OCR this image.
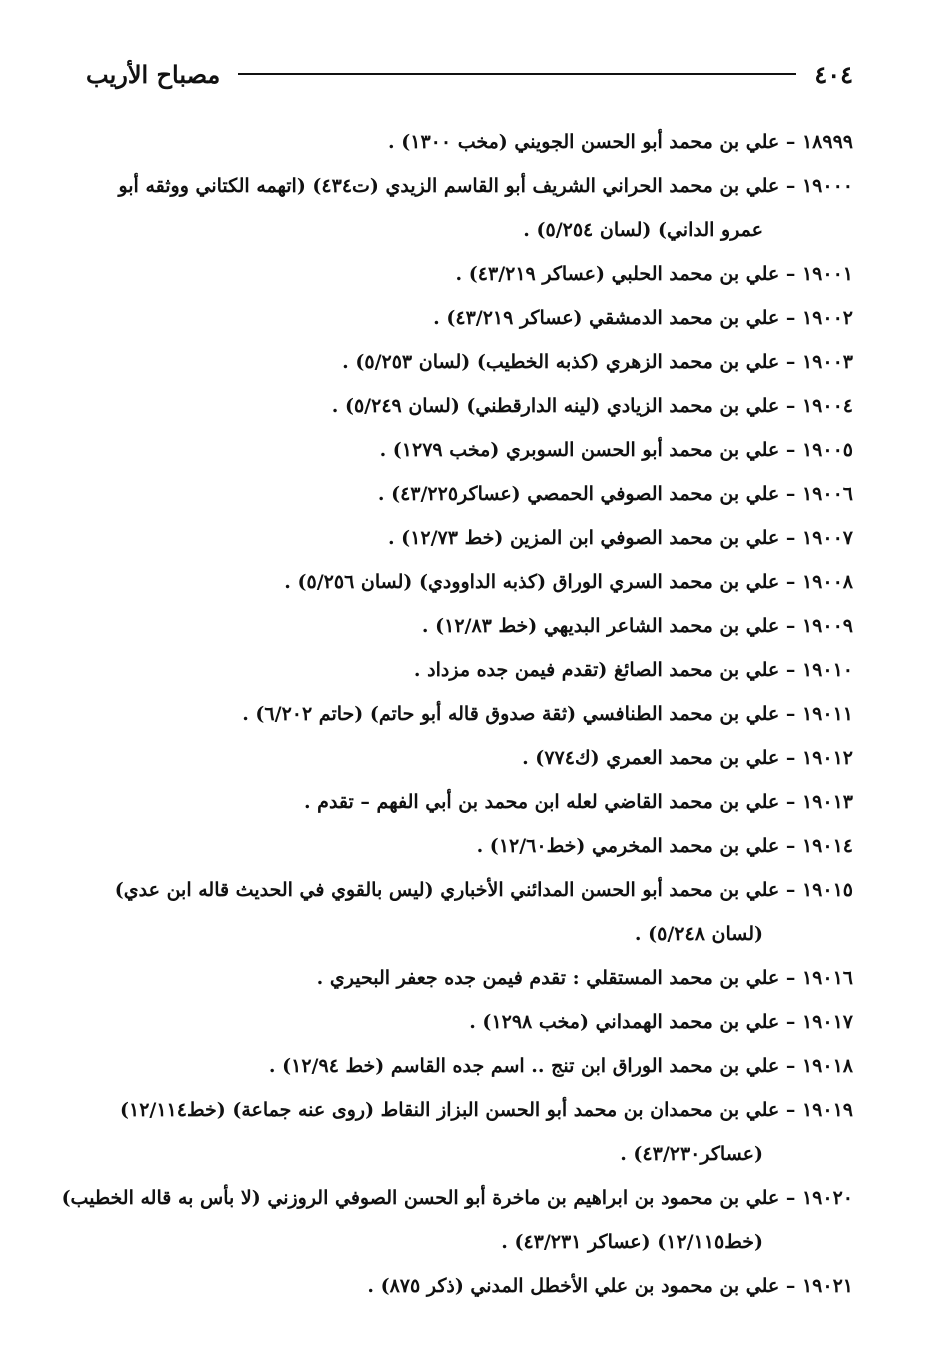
٤٠٤
مصباح الأريب
١٨٩٩٩ – علي بن محمد أبو الحسن الجويني (مخب ١٣٠٠) .
١٩٠٠٠ – علي بن محمد الحراني الشريف أبو القاسم الزيدي (ت٤٣٤) (اتهمه الكتاني ووثقه أبو
عمرو الداني) (لسان ٥/٢٥٤) .
١٩٠٠١ – علي بن محمد الحلبي (عساكر ٤٣/٢١٩) .
١٩٠٠٢ – علي بن محمد الدمشقي (عساكر ٤٣/٢١٩) .
١٩٠٠٣ – علي بن محمد الزهري (كذبه الخطيب) (لسان ٥/٢٥٣) .
١٩٠٠٤ – علي بن محمد الزيادي (لينه الدارقطني) (لسان ٥/٢٤٩) .
١٩٠٠٥ – علي بن محمد أبو الحسن السوبري (مخب ١٢٧٩) .
١٩٠٠٦ – علي بن محمد الصوفي الحمصي (عساكر٤٣/٢٢٥) .
١٩٠٠٧ – علي بن محمد الصوفي ابن المزين (خط ١٢/٧٣) .
١٩٠٠٨ – علي بن محمد السري الوراق (كذبه الداوودي) (لسان ٥/٢٥٦) .
١٩٠٠٩ – علي بن محمد الشاعر البديهي (خط ١٢/٨٣) .
١٩٠١٠ – علي بن محمد الصائغ (تقدم فيمن جده مزداد .
١٩٠١١ – علي بن محمد الطنافسي (ثقة صدوق قاله أبو حاتم) (حاتم ٦/٢٠٢) .
١٩٠١٢ – علي بن محمد العمري (ك٧٧٤) .
١٩٠١٣ – علي بن محمد القاضي لعله ابن محمد بن أبي الفهم – تقدم .
١٩٠١٤ – علي بن محمد المخرمي (خط١٢/٦٠) .
١٩٠١٥ – علي بن محمد أبو الحسن المدائني الأخباري (ليس بالقوي في الحديث قاله ابن عدي)
(لسان ٥/٢٤٨) .
١٩٠١٦ – علي بن محمد المستقلي : تقدم فيمن جده جعفر البحيري .
١٩٠١٧ – علي بن محمد الهمداني (مخب ١٢٩٨) .
١٩٠١٨ – علي بن محمد الوراق ابن تنج .. اسم جده القاسم (خط ١٢/٩٤) .
١٩٠١٩ – علي بن محمدان بن محمد أبو الحسن البزاز النقاط (روى عنه جماعة) (خط١٢/١١٤)
(عساكر٤٣/٢٣٠) .
١٩٠٢٠ – علي بن محمود بن ابراهيم بن ماخرة أبو الحسن الصوفي الروزني (لا بأس به قاله الخطيب)
(خط١٢/١١٥) (عساكر ٤٣/٢٣١) .
١٩٠٢١ – علي بن محمود بن علي الأخطل المدني (ذكر ٨٧٥) .
